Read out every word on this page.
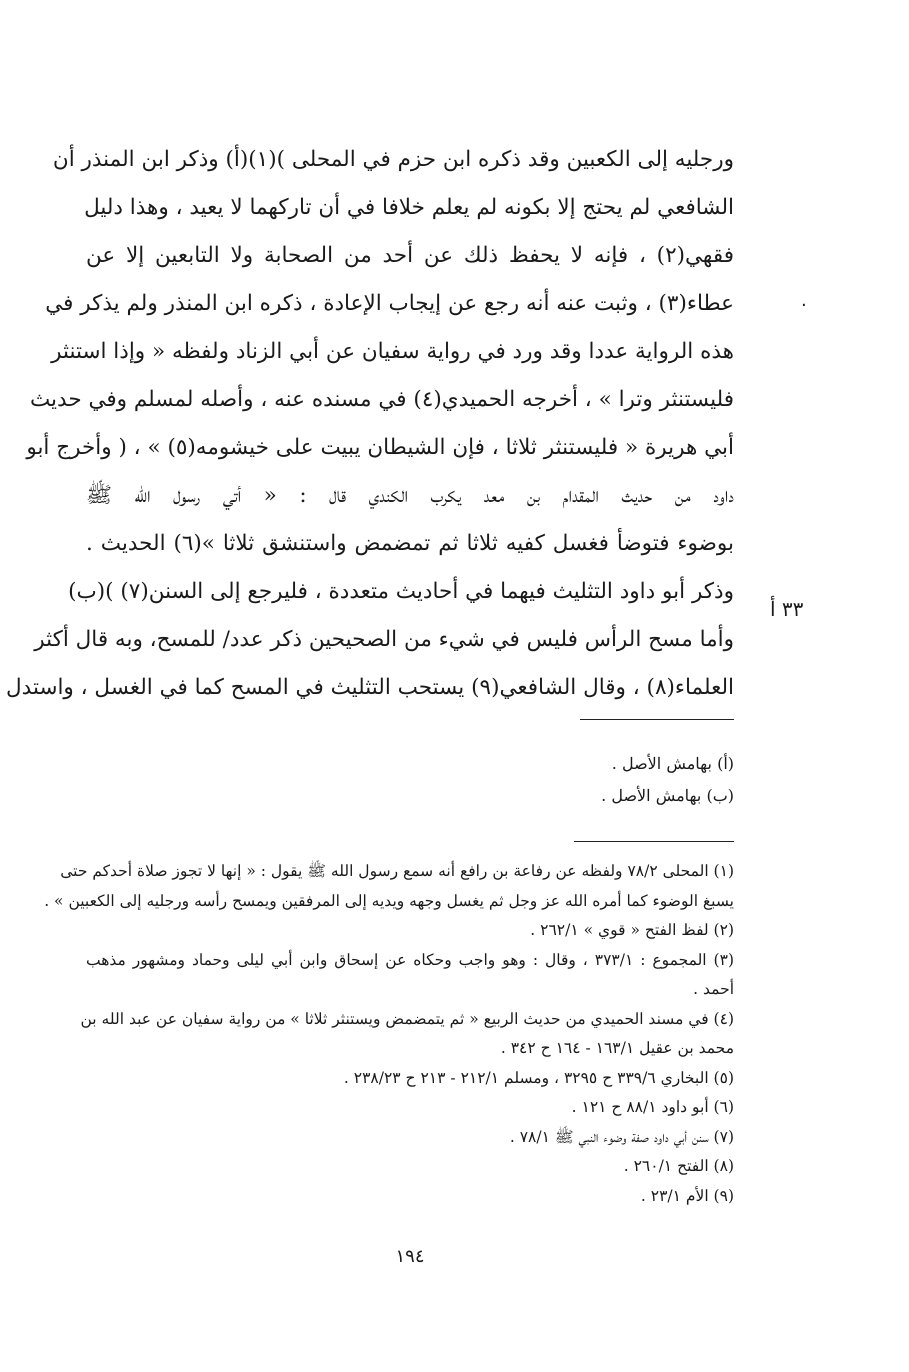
ورجليه إلى الكعبين وقد ذكره ابن حزم في المحلى )(١)(أ) وذكر ابن المنذر أن
الشافعي لم يحتج إلا بكونه لم يعلم خلافا في أن تاركهما لا يعيد ، وهذا دليل
فقهي(٢) ، فإنه لا يحفظ ذلك عن أحد من الصحابة ولا التابعين إلا عن
عطاء(٣) ، وثبت عنه أنه رجع عن إيجاب الإعادة ، ذكره ابن المنذر ولم يذكر في
هذه الرواية عددا وقد ورد في رواية سفيان عن أبي الزناد ولفظه « وإذا استنثر
فليستنثر وترا » ، أخرجه الحميدي(٤) في مسنده عنه ، وأصله لمسلم وفي حديث
أبي هريرة « فليستنثر ثلاثا ، فإن الشيطان يبيت على خيشومه(٥) » ، ( وأخرج أبو
داود من حديث المقدام بن معد يكرب الكندي قال : « أتي رسول الله ﷺ
بوضوء فتوضأ فغسل كفيه ثلاثا ثم تمضمض واستنشق ثلاثا »(٦) الحديث .
وذكر أبو داود التثليث فيهما في أحاديث متعددة ، فليرجع إلى السنن(٧) )(ب)
وأما مسح الرأس فليس في شيء من الصحيحين ذكر عدد/ للمسح، وبه قال أكثر
العلماء(٨) ، وقال الشافعي(٩) يستحب التثليث في المسح كما في الغسل ، واستدل
·
٣٣ أ
(أ) بهامش الأصل .
(ب) بهامش الأصل .
(١) المحلى ٧٨/٢ ولفظه عن رفاعة بن رافع أنه سمع رسول الله ﷺ يقول : « إنها لا تجوز صلاة أحدكم حتى
يسبغ الوضوء كما أمره الله عز وجل ثم يغسل وجهه ويديه إلى المرفقين ويمسح رأسه ورجليه إلى الكعبين » .
(٢) لفظ الفتح « قوي » ٢٦٢/١ .
(٣) المجموع : ٣٧٣/١ ، وقال : وهو واجب وحكاه عن إسحاق وابن أبي ليلى وحماد ومشهور مذهب
أحمد .
(٤) في مسند الحميدي من حديث الربيع « ثم يتمضمض ويستنثر ثلاثا » من رواية سفيان عن عبد الله بن
محمد بن عقيل ١٦٣/١ - ١٦٤ ح ٣٤٢ .
(٥) البخاري ٣٣٩/٦ ح ٣٢٩٥ ، ومسلم ٢١٢/١ - ٢١٣ ح ٢٣٨/٢٣ .
(٦) أبو داود ٨٨/١ ح ١٢١ .
(٧) سنن أبي داود صفة وضوء النبي ﷺ ٧٨/١ .
(٨) الفتح ٢٦٠/١ .
(٩) الأم ٢٣/١ .
١٩٤
